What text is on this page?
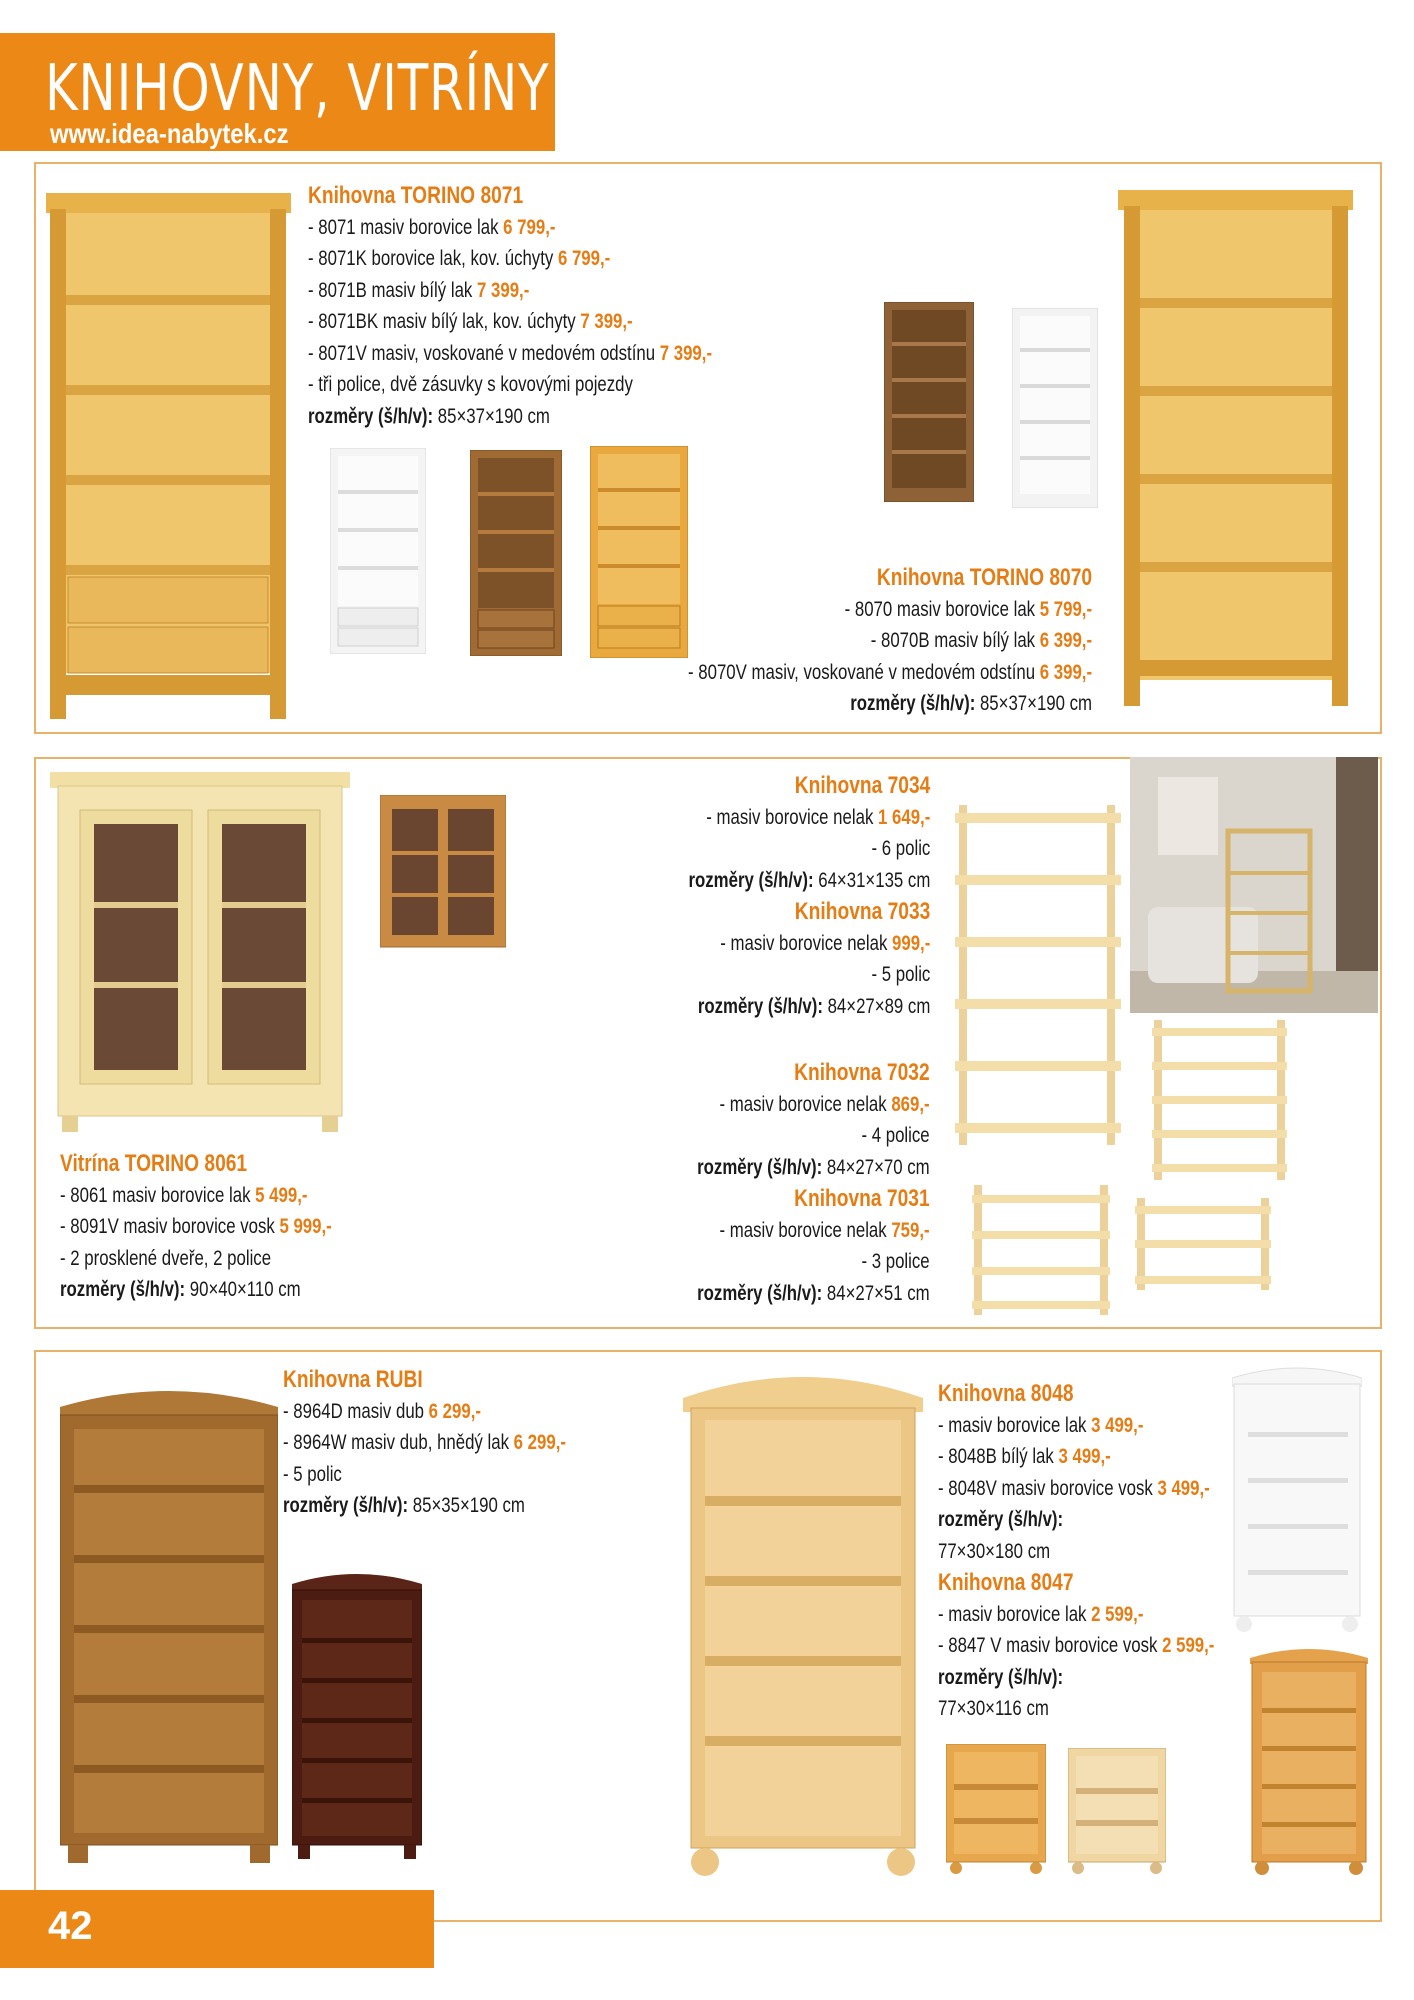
KNIHOVNY, VITRÍNY
www.idea-nabytek.cz
Knihovna TORINO 8071
- 8071 masiv borovice lak 6 799,-
- 8071K borovice lak, kov. úchyty 6 799,-
- 8071B masiv bílý lak 7 399,-
- 8071BK masiv bílý lak, kov. úchyty 7 399,-
- 8071V masiv, voskované v medovém odstínu 7 399,-
- tři police, dvě zásuvky s kovovými pojezdy
rozměry (š/h/v): 85×37×190 cm
Knihovna TORINO 8070
- 8070 masiv borovice lak 5 799,-
- 8070B masiv bílý lak 6 399,-
- 8070V masiv, voskované v medovém odstínu 6 399,-
rozměry (š/h/v): 85×37×190 cm
Knihovna 7034
- masiv borovice nelak 1 649,-
- 6 polic
rozměry (š/h/v): 64×31×135 cm
Knihovna 7033
- masiv borovice nelak 999,-
- 5 polic
rozměry (š/h/v): 84×27×89 cm
Knihovna 7032
- masiv borovice nelak 869,-
- 4 police
rozměry (š/h/v): 84×27×70 cm
Knihovna 7031
- masiv borovice nelak 759,-
- 3 police
rozměry (š/h/v): 84×27×51 cm
Vitrína TORINO 8061
- 8061 masiv borovice lak 5 499,-
- 8091V masiv borovice vosk 5 999,-
- 2 prosklené dveře, 2 police
rozměry (š/h/v): 90×40×110 cm
Knihovna RUBI
- 8964D masiv dub 6 299,-
- 8964W masiv dub, hnědý lak 6 299,-
- 5 polic
rozměry (š/h/v): 85×35×190 cm
Knihovna 8048
- masiv borovice lak 3 499,-
- 8048B bílý lak 3 499,-
- 8048V masiv borovice vosk 3 499,-
rozměry (š/h/v):
77×30×180 cm
Knihovna 8047
- masiv borovice lak 2 599,-
- 8847 V masiv borovice vosk 2 599,-
rozměry (š/h/v):
77×30×116 cm
42
